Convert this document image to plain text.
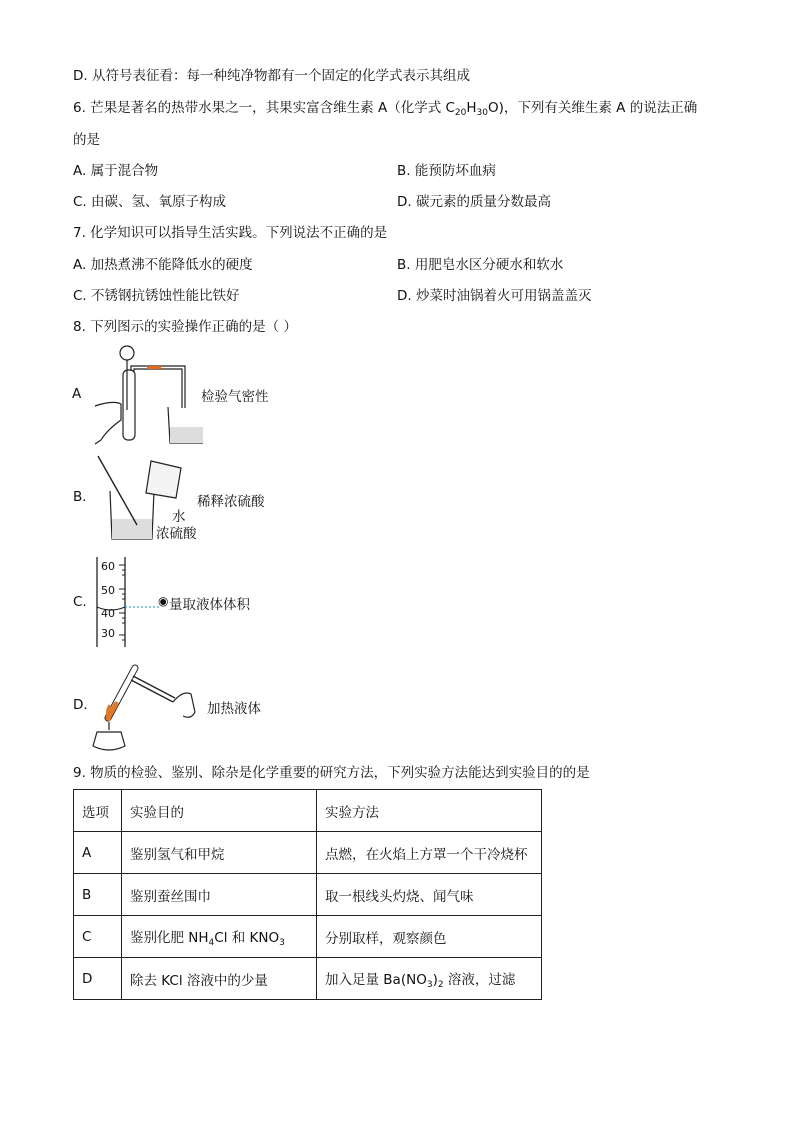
D. 从符号表征看：每一种纯净物都有一个固定的化学式表示其组成
6. 芒果是著名的热带水果之一，其果实富含维生素 A（化学式 $C_{20}H_{30}O$)，下列有关维生素 A 的说法正确
的是
A. 属于混合物	B. 能预防坏血病
C. 由碳、氢、氧原子构成	D. 碳元素的质量分数最高
7. 化学知识可以指导生活实践。下列说法不正确的是
A. 加热煮沸不能降低水的硬度	B. 用肥皂水区分硬水和软水
C. 不锈钢抗锈蚀性能比铁好	D. 炒菜时油锅着火可用锅盖盖灭
8. 下列图示的实验操作正确的是（ ）
A	检验气密性
B.	稀释浓硫酸
水
浓硫酸
C.
60
50
40
30
◉ 量取液体体积
D.	加热液体
9. 物质的检验、鉴别、除杂是化学重要的研究方法，下列实验方法能达到实验目的的是
选项	实验目的	实验方法
A	鉴别氢气和甲烷	点燃，在火焰上方罩一个干冷烧杯
B	鉴别蚕丝围巾	取一根线头灼烧、闻气味
C	鉴别化肥 $NH_4Cl$ 和 $KNO_3$	分别取样，观察颜色
D	除去 KCl 溶液中的少量	加入足量 $Ba(NO_3)_2$ 溶液，过滤
